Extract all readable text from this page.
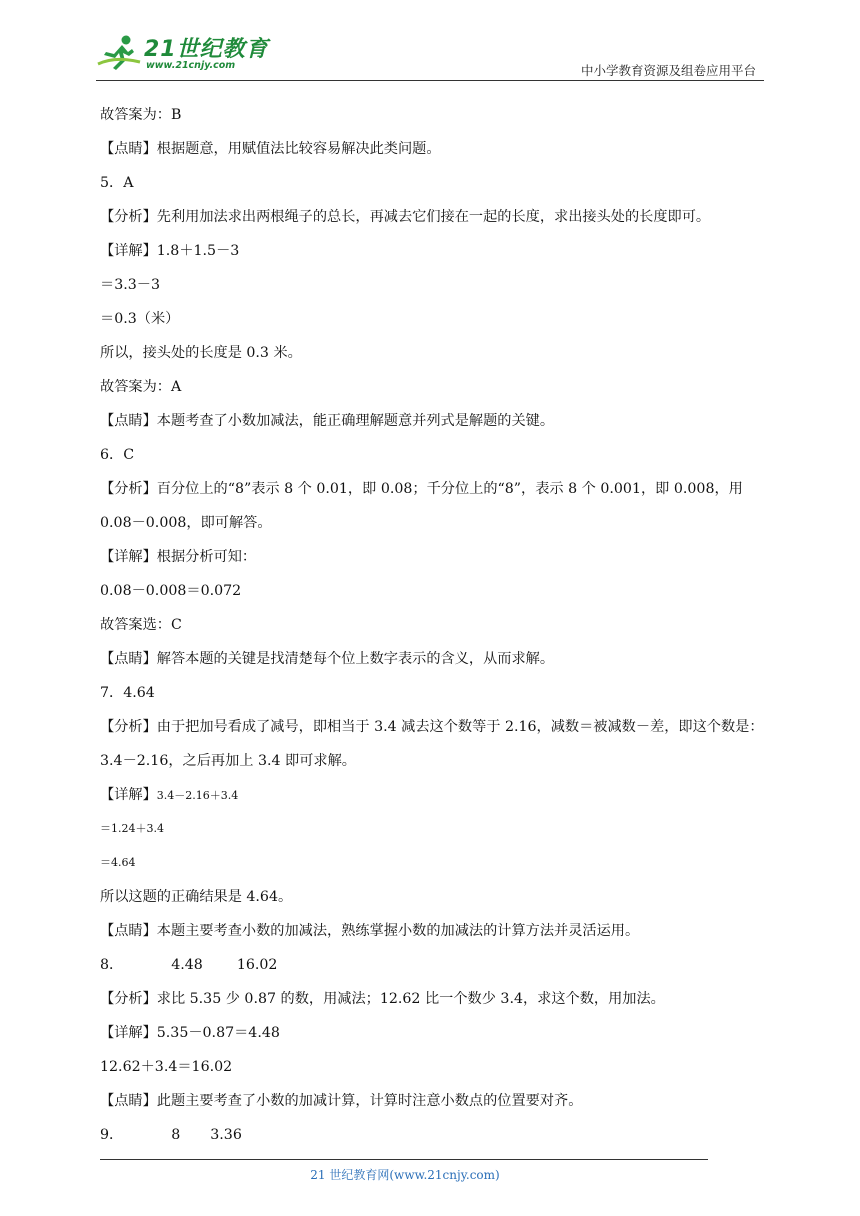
21世纪教育
www.21cnjy.com	中小学教育资源及组卷应用平台
故答案为：B
【点睛】根据题意，用赋值法比较容易解决此类问题。
5．A
【分析】先利用加法求出两根绳子的总长，再减去它们接在一起的长度，求出接头处的长度即可。
【详解】1.8＋1.5－3
＝3.3－3
＝0.3（米）
所以，接头处的长度是 0.3 米。
故答案为：A
【点睛】本题考查了小数加减法，能正确理解题意并列式是解题的关键。
6．C
【分析】百分位上的“8”表示 8 个 0.01，即 0.08；千分位上的“8”，表示 8 个 0.001，即 0.008，用 0.08－0.008，即可解答。
【详解】根据分析可知：
0.08－0.008＝0.072
故答案选：C
【点睛】解答本题的关键是找清楚每个位上数字表示的含义，从而求解。
7．4.64
【分析】由于把加号看成了减号，即相当于 3.4 减去这个数等于 2.16，减数＝被减数－差，即这个数是：3.4－2.16，之后再加上 3.4 即可求解。
【详解】3.4－2.16＋3.4
＝1.24＋3.4
＝4.64
所以这题的正确结果是 4.64。
【点睛】本题主要考查小数的加减法，熟练掌握小数的加减法的计算方法并灵活运用。
8．	4.48 16.02
【分析】求比 5.35 少 0.87 的数，用减法；12.62 比一个数少 3.4，求这个数，用加法。
【详解】5.35－0.87＝4.48
12.62＋3.4＝16.02
【点睛】此题主要考查了小数的加减计算，计算时注意小数点的位置要对齐。
9．	8 3.36
21 世纪教育网(www.21cnjy.com)
